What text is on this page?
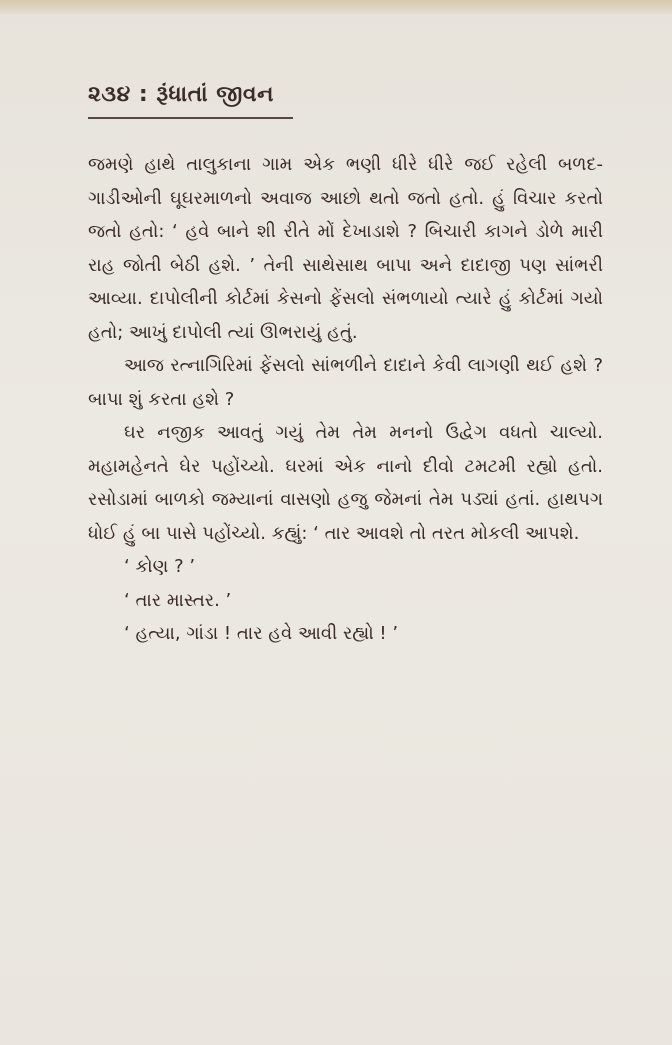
૨૩૪ : રૂંધાતાં જીવન

જમણે હાથે તાલુકાના ગામ એક ભણી ધીરે ધીરે જઈ રહેલી બળદ-ગાડીઓની ઘૂઘરમાળનો અવાજ આછો થતો જતો હતો. હું વિચાર કરતો જતો હતો: ‘ હવે બાને શી રીતે મોં દેખાડાશે ? બિચારી કાગને ડોળે મારી રાહ જોતી બેઠી હશે. ’ તેની સાથેસાથ બાપા અને દાદાજી પણ સાંભરી આવ્યા. દાપોલીની કોર્ટમાં કેસનો ફેંસલો સંભળાયો ત્યારે હું કોર્ટમાં ગયો હતો; આખું દાપોલી ત્યાં ઊભરાયું હતું.

આજ રત્નાગિરિમાં ફેંસલો સાંભળીને દાદાને કેવી લાગણી થઈ હશે ? બાપા શું કરતા હશે ?

ઘર નજીક આવતું ગયું તેમ તેમ મનનો ઉદ્વેગ વધતો ચાલ્યો. મહામહેનતે ઘેર પહોંચ્યો. ઘરમાં એક નાનો દીવો ટમટમી રહ્યો હતો. રસોડામાં બાળકો જમ્યાનાં વાસણો હજુ જેમનાં તેમ પડ્યાં હતાં. હાથપગ ધોઈ હું બા પાસે પહોંચ્યો. કહ્યું: ‘ તાર આવશે તો તરત મોકલી આપશે.

‘ કોણ ? ’

‘ તાર માસ્તર. ’

‘ હત્યા, ગાંડા ! તાર હવે આવી રહ્યો ! ’
